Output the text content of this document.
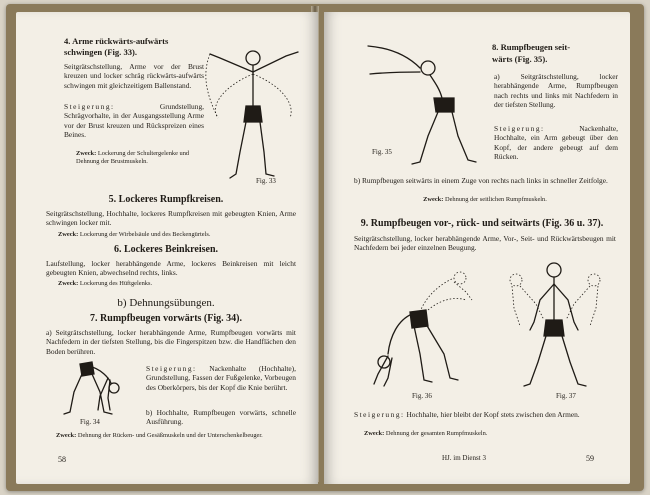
4. Arme rückwärts-aufwärts

schwingen (Fig. 33).

Seitgrätschstellung, Arme vor der Brust kreuzen und locker schräg rückwärts-aufwärts schwingen mit gleichzeitigem Ballenstand.

Steigerung:	Grundstellung, Schrägvorhalte, in der Ausgangsstellung Arme vor der Brust kreuzen und Rückspreizen eines Beines.

Zweck: Lockerung der Schultergelenke und Dehnung der Brustmuskeln.

Fig. 33

5. Lockeres Rumpfkreisen.

Seitgrätschstellung, Hochhalte, lockeres Rumpfkreisen mit gebeugten Knien, Arme schwingen locker mit.

Zweck: Lockerung der Wirbelsäule und des Beckengürtels.

6. Lockeres Beinkreisen.

Laufstellung, locker herabhängende Arme, lockeres Beinkreisen mit leicht gebeugten Knien, abwechselnd rechts, links.

Zweck: Lockerung des Hüftgelenks.

b) Dehnungsübungen.

7. Rumpfbeugen vorwärts (Fig. 34).

a) Seitgrätschstellung, locker herabhängende Arme, Rumpfbeugen vorwärts mit Nachfedern in der tiefsten Stellung, bis die Fingerspitzen bzw. die Handflächen den Boden berühren.

Steigerung: Nackenhalte (Hochhalte), Grundstellung, Fassen der Fußgelenke, Vorbeugen des Oberkörpers, bis der Kopf die Knie berührt.

b) Hochhalte, Rumpfbeugen vorwärts, schnelle Ausführung.

Fig. 34

Zweck: Dehnung der Rücken- und Gesäßmuskeln und der Unterschenkelbeuger.

58
Fig. 35

8. Rumpfbeugen seit-

wärts (Fig. 35).

a) Seitgrätschstellung, locker herabhängende Arme, Rumpfbeugen nach rechts und links mit Nachfedern in der tiefsten Stellung.

Steigerung:	Nackenhalte, Hochhalte, ein Arm gebeugt über den Kopf, der andere gebeugt auf dem Rücken.

b) Rumpfbeugen seitwärts in einem Zuge von rechts nach links in schneller Zeitfolge.

Zweck: Dehnung der seitlichen Rumpfmuskeln.

9. Rumpfbeugen vor-, rück- und seitwärts (Fig. 36 u. 37).

Seitgrätschstellung, locker herabhängende Arme, Vor-, Seit- und Rückwärtsbeugen mit Nachfedern bei jeder einzelnen Beugung.

Fig. 36	Fig. 37

Steigerung: Hochhalte, hier bleibt der Kopf stets zwischen den Armen.

Zweck: Dehnung der gesamten Rumpfmuskeln.

HJ. im Dienst 3	59
